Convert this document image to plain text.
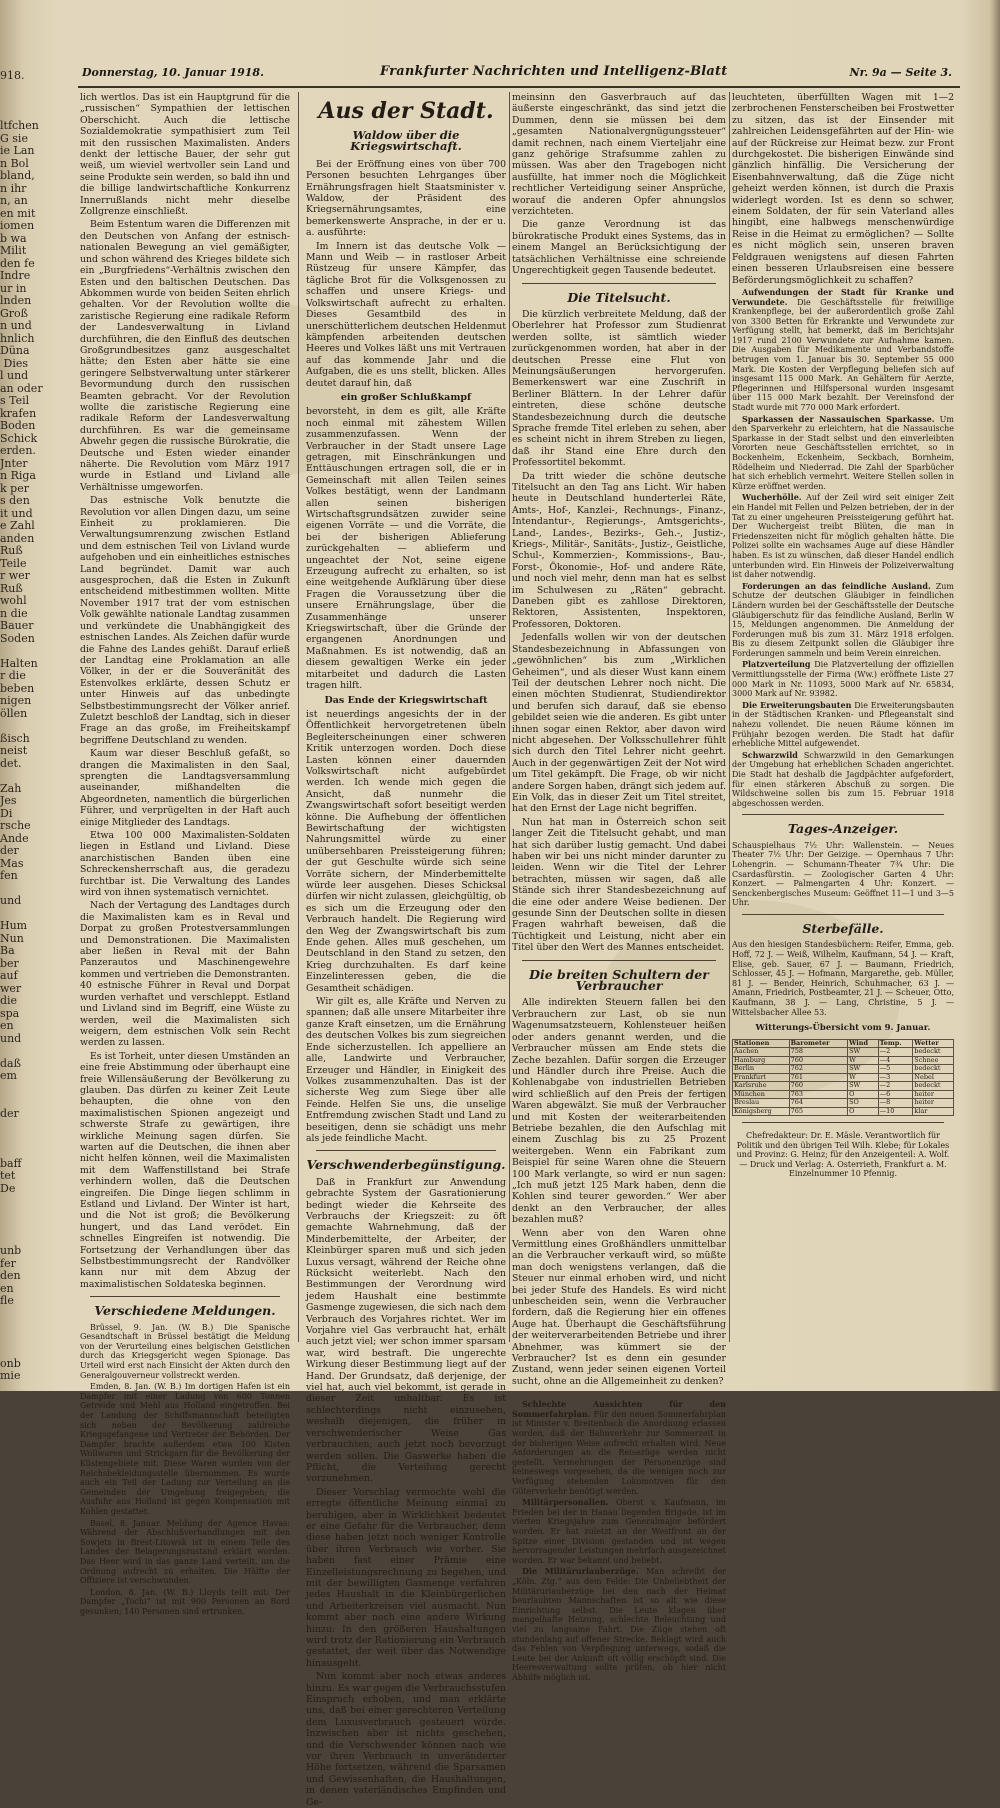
918.

ltfchen
G sie
ie Lan
n Bol
bland,
n ihr
n, an
en mit
iomen
b wa
Milit
den fe
Indre
ur in
lnden
Groß
n und
hnlich
Düna
Dies
l und
an oder
s Teil
krafen
Boden
Schick
erden.
Jnter
n Riga
k per
s den
it und
e Zahl
anden
Ruß
Teile
r wer
Ruß
wohl
n die
Bauer
Soden

Halten
r die
beben
nigen
öllen

ßisch
neist
det.

Zah
Jes
Di
rsche
Ande
der
Mas
fen

und

Hum
Nun
Ba
ber
auf
wer
die
spa
en
und

daß
em

der

baff
tet
De

unb
fer
den
en
fle

onb
mie
Donnerstag, 10. Januar 1918.	Frankfurter Nachrichten und Intelligenz-Blatt	Nr. 9a — Seite 3.

lich wertlos. Das ist ein Hauptgrund für die „russischen“ Sympathien der lettischen Oberschicht. Auch die lettische Sozialdemokratie sympathisiert zum Teil mit den russischen Maximalisten. Anders denkt der lettische Bauer, der sehr gut weiß, um wieviel wertvoller sein Land und seine Produkte sein werden, so bald ihn und die billige landwirtschaftliche Konkurrenz Innerrußlands nicht mehr dieselbe Zollgrenze einschließt.

Beim Estentum waren die Differenzen mit den Deutschen von Anfang der estnisch-nationalen Bewegung an viel gemäßigter, und schon während des Krieges bildete sich ein „Burgfriedens“-Verhältnis zwischen den Esten und den baltischen Deutschen. Das Abkommen wurde von beiden Seiten ehrlich gehalten. Vor der Revolution wollte die zaristische Regierung eine radikale Reform der Landesverwaltung in Livland durchführen, die den Einfluß des deutschen Großgrundbesitzes ganz ausgeschaltet hätte; den Esten aber hätte sie eine geringere Selbstverwaltung unter stärkerer Bevormundung durch den russischen Beamten gebracht. Vor der Revolution wollte die zaristische Regierung eine radikale Reform der Landesverwaltung durchführen. Es war die gemeinsame Abwehr gegen die russische Bürokratie, die Deutsche und Esten wieder einander näherte. Die Revolution vom März 1917 wurde in Estland und Livland alle Verhältnisse umgeworfen.

Das estnische Volk benutzte die Revolution vor allen Dingen dazu, um seine Einheit zu proklamieren. Die Verwaltungsumrenzung zwischen Estland und dem estnischen Teil von Livland wurde aufgehoben und ein einheitliches estnisches Land begründet. Damit war auch ausgesprochen, daß die Esten in Zukunft entscheidend mitbestimmen wollten. Mitte November 1917 trat der vom estnischen Volk gewählte nationale Landtag zusammen und verkündete die Unabhängigkeit des estnischen Landes. Als Zeichen dafür wurde die Fahne des Landes gehißt. Darauf erließ der Landtag eine Proklamation an alle Völker, in der er die Souveränität des Estenvolkes erklärte, dessen Schutz er unter Hinweis auf das unbedingte Selbstbestimmungsrecht der Völker anrief. Zuletzt beschloß der Landtag, sich in dieser Frage an das große, im Freiheitskampf begriffene Deutschland zu wenden.

Kaum war dieser Beschluß gefaßt, so drangen die Maximalisten in den Saal, sprengten die Landtagsversammlung auseinander, mißhandelten die Abgeordneten, namentlich die bürgerlichen Führer, und verprügelten in der Haft auch einige Mitglieder des Landtags.

Etwa 100 000 Maximalisten-Soldaten liegen in Estland und Livland. Diese anarchistischen Banden üben eine Schreckensherrschaft aus, die geradezu furchtbar ist. Die Verwaltung des Landes wird von ihnen systematisch vernichtet.

Nach der Vertagung des Landtages durch die Maximalisten kam es in Reval und Dorpat zu großen Protestversammlungen und Demonstrationen. Die Maximalisten aber ließen in Reval mit der Bahn Panzerautos und Maschinengewehre kommen und vertrieben die Demonstranten. 40 estnische Führer in Reval und Dorpat wurden verhaftet und verschleppt. Estland und Livland sind im Begriff, eine Wüste zu werden, weil die Maximalisten sich weigern, dem estnischen Volk sein Recht werden zu lassen.

Es ist Torheit, unter diesen Umständen an eine freie Abstimmung oder überhaupt eine freie Willensäußerung der Bevölkerung zu glauben. Das dürfen zu keiner Zeit Leute behaupten, die ohne von den maximalistischen Spionen angezeigt und schwerste Strafe zu gewärtigen, ihre wirkliche Meinung sagen dürfen. Sie warten auf die Deutschen, die ihnen aber nicht helfen können, weil die Maximalisten mit dem Waffenstillstand bei Strafe verhindern wollen, daß die Deutschen eingreifen. Die Dinge liegen schlimm in Estland und Livland. Der Winter ist hart, und die Not ist groß; die Bevölkerung hungert, und das Land verödet. Ein schnelles Eingreifen ist notwendig. Die Fortsetzung der Verhandlungen über das Selbstbestimmungsrecht der Randvölker kann nur mit dem Abzug der maximalistischen Soldateska beginnen.

Verschiedene Meldungen.

Brüssel, 9. Jan. (W. B.) Die Spanische Gesandtschaft in Brüssel bestätigt die Meldung von der Verurteilung eines belgischen Geistlichen durch das Kriegsgericht wegen Spionage. Das Urteil wird erst nach Einsicht der Akten durch den Generalgouverneur vollstreckt werden.

Emden, 8. Jan. (W. B.) Im dortigen Hafen ist ein Dampfer mit einer Ladung von 600 Tonnen Getreide und Mehl aus Holland eingetroffen. Bei der Landung der Schiffsmannschaft beteiligten sich neben der Bevölkerung zahlreiche Kriegsgefangene und Vertreter der Behörden. Der Dampfer brachte außerdem etwa 100 Kisten Wollwaren und Strickgarn für die Bevölkerung der Küstengebiete mit. Diese Waren wurden von der Reichsbekleidungsstelle übernommen. Es wurde auch ein Teil der Ladung zur Verteilung an die Gemeinden der Umgebung freigegeben; die Ausfuhr aus Holland ist gegen Kompensation mit Kohlen gestattet.

Basel, 8. Januar. Meldung der Agence Havas: Während der Abschlußverhandlungen mit den Sowjets in Brest-Litowsk ist in einem Teile des Landes der Belagerungszustand erklärt worden. Das Heer wird in das ganze Land verteilt, um die Ordnung aufrecht zu erhalten. Die Hälfte der Offiziere ist verschwunden.

London, 8. Jan. (W. B.) Lloyds teilt mit: Der Dampfer „Tochi“ ist mit 900 Personen an Bord gesunken; 140 Personen sind ertrunken.

Aus der Stadt.
Waldow über die Kriegswirtschaft.

Bei der Eröffnung eines von über 700 Personen besuchten Lehrganges über Ernährungsfragen hielt Staatsminister v. Waldow, der Präsident des Kriegsernährungsamtes, eine bemerkenswerte Ansprache, in der er u. a. ausführte:

Im Innern ist das deutsche Volk — Mann und Weib — in rastloser Arbeit Rüstzeug für unsere Kämpfer, das tägliche Brot für die Volksgenossen zu schaffen und unsere Kriegs- und Volkswirtschaft aufrecht zu erhalten. Dieses Gesamtbild des in unerschütterlichem deutschen Heldenmut kämpfenden arbeitenden deutschen Heeres und Volkes läßt uns mit Vertrauen auf das kommende Jahr und die Aufgaben, die es uns stellt, blicken. Alles deutet darauf hin, daß

ein großer Schlußkampf

bevorsteht, in dem es gilt, alle Kräfte noch einmal mit zähestem Willen zusammenzufassen. Wenn der Verbraucher in der Stadt unsere Lage getragen, mit Einschränkungen und Enttäuschungen ertragen soll, die er in Gemeinschaft mit allen Teilen seines Volkes bestätigt, wenn der Landmann allen seinen bisherigen Wirtschaftsgrundsätzen zuwider seine eigenen Vorräte — und die Vorräte, die bei der bisherigen Ablieferung zurückgehalten — ablieferm und ungeachtet der Not, seine eigene Erzeugung aufrecht zu erhalten, so ist eine weitgehende Aufklärung über diese Fragen die Voraussetzung über die unsere Ernährungslage, über die Zusammenhänge unserer Kriegswirtschaft, über die Gründe der ergangenen Anordnungen und Maßnahmen. Es ist notwendig, daß an diesem gewaltigen Werke ein jeder mitarbeitet und dadurch die Lasten tragen hilft.

Das Ende der Kriegswirtschaft

ist neuerdings angesichts der in der Öffentlichkeit hervorgetretenen übeln Begleiterscheinungen einer schweren Kritik unterzogen worden. Doch diese Lasten können einer dauernden Volkswirtschaft nicht aufgebürdet werden. Ich wende mich gegen die Ansicht, daß nunmehr die Zwangswirtschaft sofort beseitigt werden könne. Die Aufhebung der öffentlichen Bewirtschaftung der wichtigsten Nahrungsmittel würde zu einer unübersehbaren Preissteigerung führen; der gut Geschulte würde sich seine Vorräte sichern, der Minderbemittelte würde leer ausgehen. Dieses Schicksal dürfen wir nicht zulassen, gleichgültig, ob es sich um die Erzeugung oder den Verbrauch handelt. Die Regierung wird den Weg der Zwangswirtschaft bis zum Ende gehen. Alles muß geschehen, um Deutschland in den Stand zu setzen, den Krieg durchzuhalten. Es darf keine Einzelinteressen geben, die die Gesamtheit schädigen.

Wir gilt es, alle Kräfte und Nerven zu spannen; daß alle unsere Mitarbeiter ihre ganze Kraft einsetzen, um die Ernährung des deutschen Volkes bis zum siegreichen Ende sicherzustellen. Ich appelliere an alle, Landwirte und Verbraucher, Erzeuger und Händler, in Einigkeit des Volkes zusammenzuhalten. Das ist der sicherste Weg zum Siege über alle Feinde. Helfen Sie uns, die unselige Entfremdung zwischen Stadt und Land zu beseitigen, denn sie schädigt uns mehr als jede feindliche Macht.

Verschwenderbegünstigung.

Daß in Frankfurt zur Anwendung gebrachte System der Gasrationierung bedingt wieder die Kehrseite des Verbrauchs der Kriegszeit: zu öft gemachte Wahrnehmung, daß der Minderbemittelte, der Arbeiter, der Kleinbürger sparen muß und sich jeden Luxus versagt, während der Reiche ohne Rücksicht weiterlebt. Nach den Bestimmungen der Verordnung wird jedem Haushalt eine bestimmte Gasmenge zugewiesen, die sich nach dem Verbrauch des Vorjahres richtet. Wer im Vorjahre viel Gas verbraucht hat, erhält auch jetzt viel; wer schon immer sparsam war, wird bestraft. Die ungerechte Wirkung dieser Bestimmung liegt auf der Hand. Der Grundsatz, daß derjenige, der viel hat, auch viel bekommt, ist gerade in dieser Zeit unhaltbar. Es ist schlechterdings nicht einzusehen, weshalb diejenigen, die früher in verschwenderischer Weise Gas verbrauchten, auch jetzt noch bevorzugt werden sollen. Die Gaswerke haben die Pflicht, die Verteilung gerecht vorzunehmen.

Dieser Vorschlag vermochte wohl die erregte öffentliche Meinung einmal zu beruhigen, aber in Wirklichkeit bedeutet er eine Gefahr für die Verbraucher, denn diese haben jetzt noch weniger Kontrolle über ihren Verbrauch wie vorher. Sie haben fast einer Prämie eine Einzelleistungsrechnung zu begehen, und mit der bewilligten Gasmenge verfahren jedes Haushalt in die Kleinbürgerlichen und Arbeiterkreisen viel ausmacht. Nun kommt aber noch eine andere Wirkung hinzu: In den größeren Haushaltungen wird trotz der Rationierung ein Verbrauch gestattet, der weit über das Notwendige hinausgeht.

Nun kommt aber noch etwas anderes hinzu. Es war gegen die Verbrauchsstufen Einspruch erhoben, und man erklärte uns, daß bei einer gerechteren Verteilung dem Luxusverbrauch gesteuert würde. Inzwischen aber ist nichts geschehen, und die Verschwender können nach wie vor ihren Verbrauch in unveränderter Höhe fortsetzen, während die Sparsamen und Gewissenhaften, die Haushaltungen, in denen vaterländisches Empfinden und Ge-

meinsinn den Gasverbrauch auf das äußerste eingeschränkt, das sind jetzt die Dummen, denn sie müssen bei dem „gesamten Nationalvergnügungssteuer“ damit rechnen, nach einem Vierteljahr eine ganz gehörige Strafsumme zahlen zu müssen. Was aber den Tragebogen nicht ausfüllte, hat immer noch die Möglichkeit rechtlicher Verteidigung seiner Ansprüche, worauf die anderen Opfer ahnungslos verzichteten.

Die ganze Verordnung ist das bürokratische Produkt eines Systems, das in einem Mangel an Berücksichtigung der tatsächlichen Verhältnisse eine schreiende Ungerechtigkeit gegen Tausende bedeutet.

Die Titelsucht.

Die kürzlich verbreitete Meldung, daß der Oberlehrer hat Professor zum Studienrat werden sollte, ist sämtlich wieder zurückgenommen worden, hat aber in der deutschen Presse eine Flut von Meinungsäußerungen hervorgerufen. Bemerkenswert war eine Zuschrift in Berliner Blättern. In der Lehrer dafür eintreten, diese schöne deutsche Standesbezeichnung durch die deutsche Sprache fremde Titel erleben zu sehen, aber es scheint nicht in ihrem Streben zu liegen, daß ihr Stand eine Ehre durch den Professortitel bekommt.

Da tritt wieder die schöne deutsche Titelsucht an den Tag ans Licht. Wir haben heute in Deutschland hunderterlei Räte, Amts-, Hof-, Kanzlei-, Rechnungs-, Finanz-, Intendantur-, Regierungs-, Amtsgerichts-, Land-, Landes-, Bezirks-, Geh.-, Justiz-, Kriegs-, Militär-, Sanitäts-, Justiz-, Geistliche, Schul-, Kommerzien-, Kommissions-, Bau-, Forst-, Ökonomie-, Hof- und andere Räte, und noch viel mehr, denn man hat es selbst im Schulwesen zu „Räten“ gebracht. Daneben gibt es zahllose Direktoren, Rektoren, Assistenten, Inspektoren, Professoren, Doktoren.

Jedenfalls wollen wir von der deutschen Standesbezeichnung in Abfassungen von „gewöhnlichen“ bis zum „Wirklichen Geheimen“, und als dieser Wust kann einem Teil der deutschen Lehrer noch nicht. Die einen möchten Studienrat, Studiendirektor und berufen sich darauf, daß sie ebenso gebildet seien wie die anderen. Es gibt unter ihnen sogar einen Rektor, aber davon wird nicht abgesehen. Der Volksschullehrer fühlt sich durch den Titel Lehrer nicht geehrt. Auch in der gegenwärtigen Zeit der Not wird um Titel gekämpft. Die Frage, ob wir nicht andere Sorgen haben, drängt sich jedem auf. Ein Volk, das in dieser Zeit um Titel streitet, hat den Ernst der Lage nicht begriffen.

Nun hat man in Österreich schon seit langer Zeit die Titelsucht gehabt, und man hat sich darüber lustig gemacht. Und dabei haben wir bei uns nicht minder darunter zu leiden. Wenn wir die Titel der Lehrer betrachten, müssen wir sagen, daß alle Stände sich ihrer Standesbezeichnung auf die eine oder andere Weise bedienen. Der gesunde Sinn der Deutschen sollte in diesen Fragen wahrhaft beweisen, daß die Tüchtigkeit und Leistung, nicht aber ein Titel über den Wert des Mannes entscheidet.

Die breiten Schultern der Verbraucher

Alle indirekten Steuern fallen bei den Verbrauchern zur Last, ob sie nun Wagenumsatzsteuern, Kohlensteuer heißen oder anders genannt werden, und die Verbraucher müssen am Ende stets die Zeche bezahlen. Dafür sorgen die Erzeuger und Händler durch ihre Preise. Auch die Kohlenabgabe von industriellen Betrieben wird schließlich auf den Preis der fertigen Waren abgewälzt. Sie muß der Verbraucher und mit Kosten der weiterarbeitenden Betriebe bezahlen, die den Aufschlag mit einem Zuschlag bis zu 25 Prozent weitergeben. Wenn ein Fabrikant zum Beispiel für seine Waren ohne die Steuern 100 Mark verlangte, so wird er nun sagen: „Ich muß jetzt 125 Mark haben, denn die Kohlen sind teurer geworden.“ Wer aber denkt an den Verbraucher, der alles bezahlen muß?

Wenn aber von den Waren ohne Vermittlung eines Großhändlers unmittelbar an die Verbraucher verkauft wird, so müßte man doch wenigstens verlangen, daß die Steuer nur einmal erhoben wird, und nicht bei jeder Stufe des Handels. Es wird nicht unbescheiden sein, wenn die Verbraucher fordern, daß die Regierung hier ein offenes Auge hat. Überhaupt die Geschäftsführung der weiterverarbeitenden Betriebe und ihrer Abnehmer, was kümmert sie der Verbraucher? Ist es denn ein gesunder Zustand, wenn jeder seinen eigenen Vorteil sucht, ohne an die Allgemeinheit zu denken?

Schlechte Aussichten für den Sommerfahrplan. Für den neuen Sommerfahrplan ist Minister v. Breitenbach die Anordnung erlassen worden, daß der Bahnverkehr zur Sommerzeit in der bisherigen Weise aufrecht erhalten wird. Neue Anforderungen an die Reisezüge werden nicht gestellt. Vermehrungen der Personenzüge sind keineswegs vorgesehen, da die wenigen noch zur Verfügung stehenden Lokomotiven für den Güterverkehr benötigt werden.

Militärpersonalien. Oberst v. Kaufmann, im Frieden bei der in Hanau liegenden Brigade, ist im vierten Kriegsjahre zum Generalmajor befördert worden. Er hat zuletzt an der Westfront an der Spitze einer Division gestanden und ist wegen hervorragender Leistungen mehrfach ausgezeichnet worden. Er war bekannt und beliebt.

Die Militärurlauberzüge. Man schreibt der „Köln. Ztg.“ aus dem Felde: Die Unbeliebtheit der Militärurlauberzüge bei den nach der Heimat beurlaubten Mannschaften ist so alt wie diese Einrichtung selbst. Die Leute klagen über mangelhafte Heizung, schlechte Beleuchtung und viel zu langsame Fahrt. Die Züge stehen oft stundenlang auf offener Strecke. Beklagt wird auch das Fehlen von Verpflegung unterwegs, sodaß die Leute bei der Ankunft oft völlig erschöpft sind. Die Heeresverwaltung sollte prüfen, ob hier nicht Abhilfe möglich ist.

leuchteten, überfüllten Wagen mit 1—2 zerbrochenen Fensterscheiben bei Frostwetter zu sitzen, das ist der Einsender mit zahlreichen Leidensgefährten auf der Hin- wie auf der Rückreise zur Heimat bezw. zur Front durchgekostet. Die bisherigen Einwände sind gänzlich hinfällig. Die Versicherung der Eisenbahnverwaltung, daß die Züge nicht geheizt werden können, ist durch die Praxis widerlegt worden. Ist es denn so schwer, einem Soldaten, der für sein Vaterland alles hingibt, eine halbwegs menschenwürdige Reise in die Heimat zu ermöglichen? — Sollte es nicht möglich sein, unseren braven Feldgrauen wenigstens auf diesen Fahrten einen besseren Urlaubsreisen eine bessere Beförderungsmöglichkeit zu schaffen?

Aufwendungen der Stadt für Kranke und Verwundete. Die Geschäftsstelle für freiwillige Krankenpflege, bei der außerordentlich große Zahl von 3300 Betten für Erkrankte und Verwundete zur Verfügung stellt, hat bemerkt, daß im Berichtsjahr 1917 rund 2100 Verwundete zur Aufnahme kamen. Die Ausgaben für Medikamente und Verbandstoffe betrugen vom 1. Januar bis 30. September 55 000 Mark. Die Kosten der Verpflegung beliefen sich auf insgesamt 115 000 Mark. An Gehältern für Aerzte, Pflegerinnen und Hilfspersonal wurden insgesamt über 115 000 Mark bezahlt. Der Vereinsfond der Stadt wurde mit 770 000 Mark erfordert.

Sparkassen der Nassauischen Sparkasse. Um den Sparverkehr zu erleichtern, hat die Nassauische Sparkasse in der Stadt selbst und den einverleibten Vororten neue Geschäftsstellen errichtet, so in Bockenheim, Eckenheim, Seckbach, Bornheim, Rödelheim und Niederrad. Die Zahl der Sparbücher hat sich erheblich vermehrt. Weitere Stellen sollen in Kürze eröffnet werden.

Wucherhölle. Auf der Zeil wird seit einiger Zeit ein Handel mit Fellen und Pelzen betrieben, der in der Tat zu einer ungeheuren Preissteigerung geführt hat. Der Wuchergeist treibt Blüten, die man in Friedenszeiten nicht für möglich gehalten hätte. Die Polizei sollte ein wachsames Auge auf diese Händler haben. Es ist zu wünschen, daß dieser Handel endlich unterbunden wird. Ein Hinweis der Polizeiverwaltung ist daher notwendig.

Forderungen an das feindliche Ausland. Zum Schutze der deutschen Gläubiger in feindlichen Ländern wurden bei der Geschäftsstelle der Deutsche Gläubigerschutz für das feindliche Ausland, Berlin W 15, Meldungen angenommen. Die Anmeldung der Forderungen muß bis zum 31. März 1918 erfolgen. Bis zu diesem Zeitpunkt sollen die Gläubiger ihre Forderungen sammeln und beim Verein einreichen.

Platzverteilung Die Platzverteilung der offiziellen Vermittlungsstelle der Firma (Ww.) eröffnete Liste 27 000 Mark in Nr. 11093, 5000 Mark auf Nr. 65834, 3000 Mark auf Nr. 93982.

Die Erweiterungsbauten Die Erweiterungsbauten in der Städtischen Kranken- und Pflegeanstalt sind nahezu vollendet. Die neuen Räume können im Frühjahr bezogen werden. Die Stadt hat dafür erhebliche Mittel aufgewendet.

Schwarzwild Schwarzwild in den Gemarkungen der Umgebung hat erheblichen Schaden angerichtet. Die Stadt hat deshalb die Jagdpächter aufgefordert, für einen stärkeren Abschuß zu sorgen. Die Wildschweine sollen bis zum 15. Februar 1918 abgeschossen werden.

Tages-Anzeiger.

Schauspielhaus 7½ Uhr: Wallenstein. — Neues Theater 7½ Uhr: Der Geizige. — Opernhaus 7 Uhr: Lohengrin. — Schumann-Theater 7¾ Uhr: Die Csardasfürstin. — Zoologischer Garten 4 Uhr: Konzert. — Palmengarten 4 Uhr: Konzert. — Senckenbergisches Museum: Geöffnet 11—1 und 3—5 Uhr.

Sterbefälle.

Aus den hiesigen Standesbüchern: Reifer, Emma, geb. Hoff, 72 J. — Weiß, Wilhelm, Kaufmann, 54 J. — Kraft, Elise, geb. Sauer, 67 J. — Baumann, Friedrich, Schlosser, 45 J. — Hofmann, Margarethe, geb. Müller, 81 J. — Bender, Heinrich, Schuhmacher, 63 J. — Amann, Friedrich, Postbeamter, 21 J. — Scheuer, Otto, Kaufmann, 38 J. — Lang, Christine, 5 J. — Wittelsbacher Allee 53.

Witterungs-Übersicht vom 9. Januar.
Stationen	Barometer	Wind	Temp.	Wetter
Aachen	758	SW	—2	bedeckt
Hamburg	760	W	—4	Schnee
Berlin	762	SW	—5	bedeckt
Frankfurt	761	W	—3	Nebel
Karlsruhe	760	SW	—2	bedeckt
München	763	O	—6	heiter
Breslau	764	SO	—8	heiter
Königsberg	765	O	—10	klar
Chefredakteur: Dr. E. Mäsle. Verantwortlich für Politik und den übrigen Teil Wilh. Klebe; für Lokales und Provinz: G. Heinz; für den Anzeigenteil: A. Wolf. — Druck und Verlag: A. Osterrieth, Frankfurt a. M. Einzelnummer 10 Pfennig.
